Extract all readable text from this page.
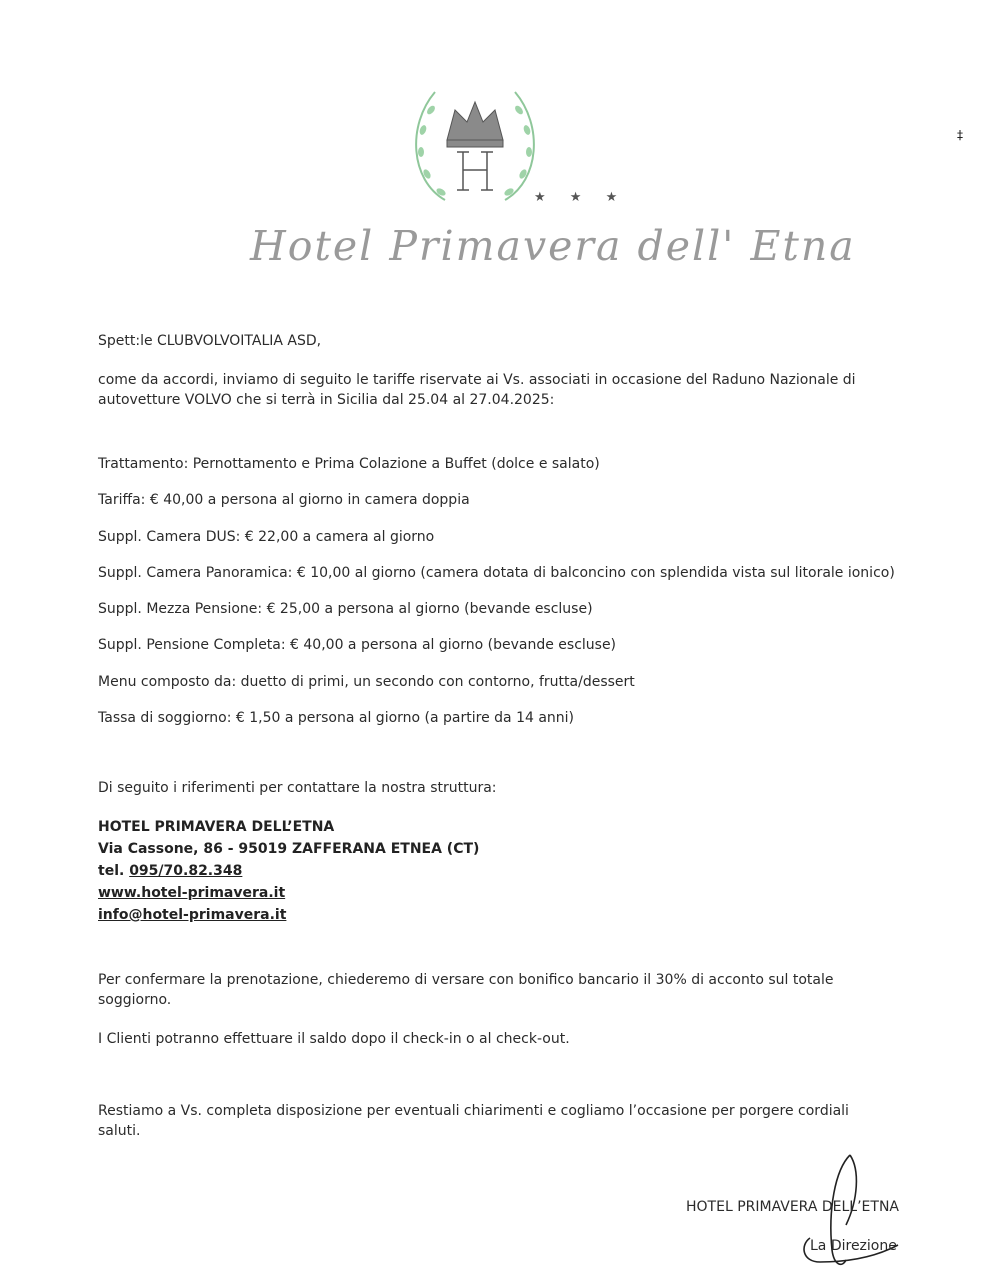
★ ★ ★
Hotel Primavera dell' Etna
Spett:le CLUBVOLVOITALIA ASD,
come da accordi, inviamo di seguito le tariffe riservate ai Vs. associati in occasione del Raduno Nazionale di autovetture VOLVO che si terrà in Sicilia dal 25.04 al 27.04.2025:
Trattamento: Pernottamento e Prima Colazione a Buffet (dolce e salato)
Tariffa: € 40,00 a persona al giorno in camera doppia
Suppl. Camera DUS: € 22,00 a camera al giorno
Suppl. Camera Panoramica: € 10,00 al giorno (camera dotata di balconcino con splendida vista sul litorale ionico)
Suppl. Mezza Pensione: € 25,00 a persona al giorno (bevande escluse)
Suppl. Pensione Completa: € 40,00 a persona al giorno (bevande escluse)
Menu composto da: duetto di primi, un secondo con contorno, frutta/dessert
Tassa di soggiorno: € 1,50 a persona al giorno (a partire da 14 anni)
Di seguito i riferimenti per contattare la nostra struttura:
HOTEL PRIMAVERA DELL’ETNA
Via Cassone, 86 - 95019 ZAFFERANA ETNEA (CT)
tel. 095/70.82.348
www.hotel-primavera.it
info@hotel-primavera.it
Per confermare la prenotazione, chiederemo di versare con bonifico bancario il 30% di acconto sul totale soggiorno.
I Clienti potranno effettuare il saldo dopo il check-in o al check-out.
Restiamo a Vs. completa disposizione per eventuali chiarimenti e cogliamo l’occasione per porgere cordiali saluti.
HOTEL PRIMAVERA DELL’ETNA
La Direzione
‡
